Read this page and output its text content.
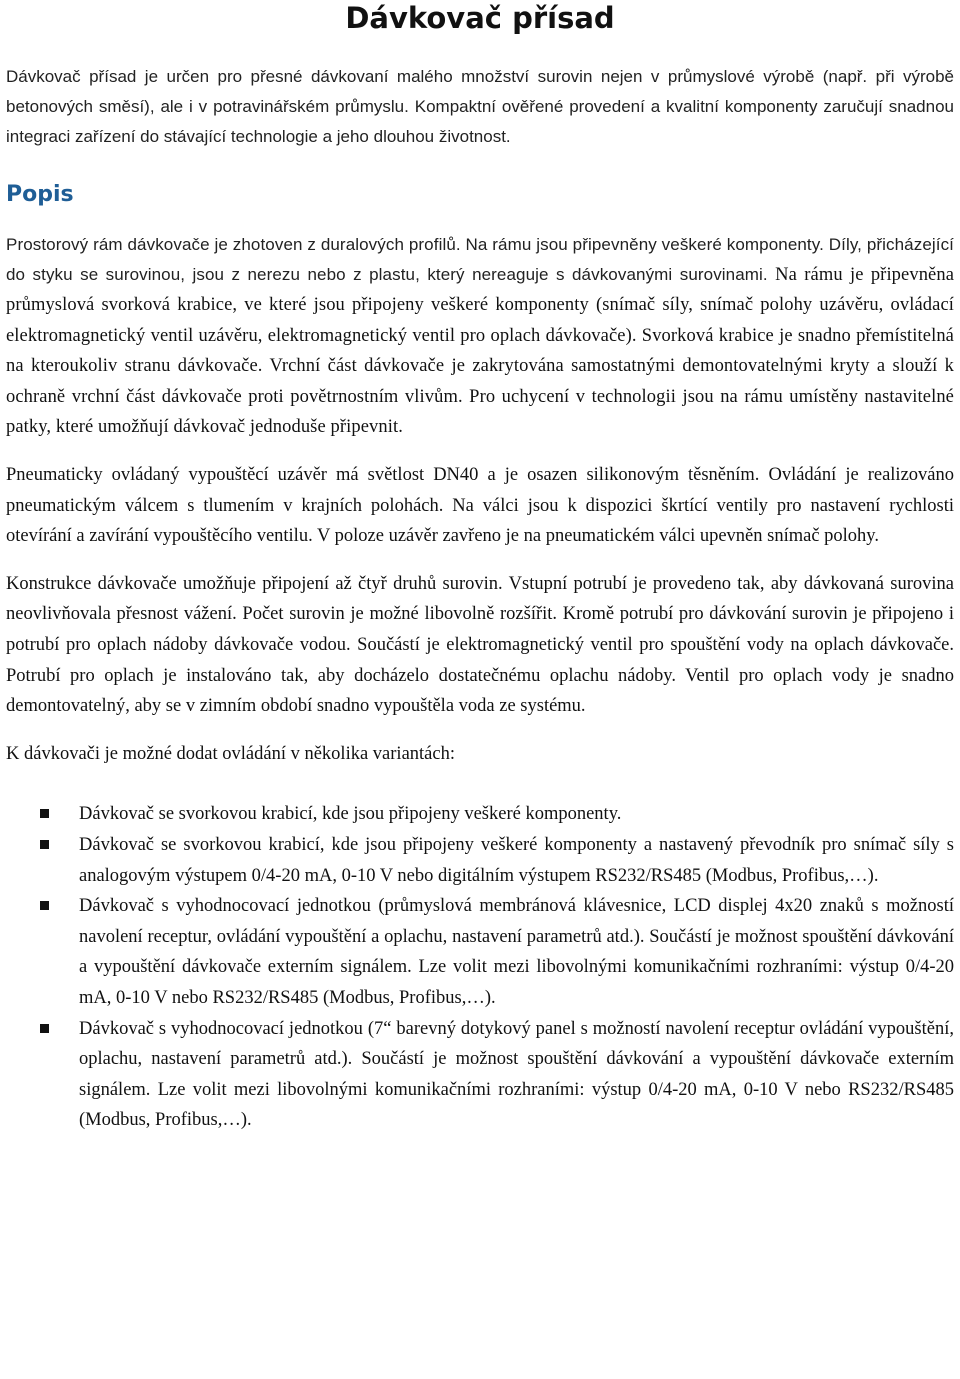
Dávkovač přísad

Dávkovač přísad je určen pro přesné dávkovaní malého množství surovin nejen v průmyslové výrobě (např. při výrobě betonových směsí), ale i v potravinářském průmyslu. Kompaktní ověřené provedení a kvalitní komponenty zaručují snadnou integraci zařízení do stávající technologie a jeho dlouhou životnost.

Popis

Prostorový rám dávkovače je zhotoven z duralových profilů. Na rámu jsou připevněny veškeré komponenty. Díly, přicházející do styku se surovinou, jsou z nerezu nebo z plastu, který nereaguje s dávkovanými surovinami. Na rámu je připevněna průmyslová svorková krabice, ve které jsou připojeny veškeré komponenty (snímač síly, snímač polohy uzávěru, ovládací elektromagnetický ventil uzávěru, elektromagnetický ventil pro oplach dávkovače). Svorková krabice je snadno přemístitelná na kteroukoliv stranu dávkovače. Vrchní část dávkovače je zakrytována samostatnými demontovatelnými kryty a slouží k ochraně vrchní část dávkovače proti povětrnostním vlivům. Pro uchycení v technologii jsou na rámu umístěny nastavitelné patky, které umožňují dávkovač jednoduše připevnit.

Pneumaticky ovládaný vypouštěcí uzávěr má světlost DN40 a je osazen silikonovým těsněním. Ovládání je realizováno pneumatickým válcem s tlumením v krajních polohách. Na válci jsou k dispozici škrtící ventily pro nastavení rychlosti otevírání a zavírání vypouštěcího ventilu. V poloze uzávěr zavřeno je na pneumatickém válci upevněn snímač polohy.

Konstrukce dávkovače umožňuje připojení až čtyř druhů surovin. Vstupní potrubí je provedeno tak, aby dávkovaná surovina neovlivňovala přesnost vážení. Počet surovin je možné libovolně rozšířit. Kromě potrubí pro dávkování surovin je připojeno i potrubí pro oplach nádoby dávkovače vodou. Součástí je elektromagnetický ventil pro spouštění vody na oplach dávkovače. Potrubí pro oplach je instalováno tak, aby docházelo dostatečnému oplachu nádoby. Ventil pro oplach vody je snadno demontovatelný, aby se v zimním období snadno vypouštěla voda ze systému.

K dávkovači je možné dodat ovládání v několika variantách:

Dávkovač se svorkovou krabicí, kde jsou připojeny veškeré komponenty.
Dávkovač se svorkovou krabicí, kde jsou připojeny veškeré komponenty a nastavený převodník pro snímač síly s analogovým výstupem 0/4-20 mA, 0-10 V nebo digitálním výstupem RS232/RS485 (Modbus, Profibus,…).
Dávkovač s vyhodnocovací jednotkou (průmyslová membránová klávesnice, LCD displej 4x20 znaků s možností navolení receptur, ovládání vypouštění a oplachu, nastavení parametrů atd.). Součástí je možnost spouštění dávkování a vypouštění dávkovače externím signálem. Lze volit mezi libovolnými komunikačními rozhraními: výstup 0/4-20 mA, 0-10 V nebo RS232/RS485 (Modbus, Profibus,…).
Dávkovač s vyhodnocovací jednotkou (7“ barevný dotykový panel s možností navolení receptur ovládání vypouštění, oplachu, nastavení parametrů atd.). Součástí je možnost spouštění dávkování a vypouštění dávkovače externím signálem. Lze volit mezi libovolnými komunikačními rozhraními: výstup 0/4-20 mA, 0-10 V nebo RS232/RS485 (Modbus, Profibus,…).
